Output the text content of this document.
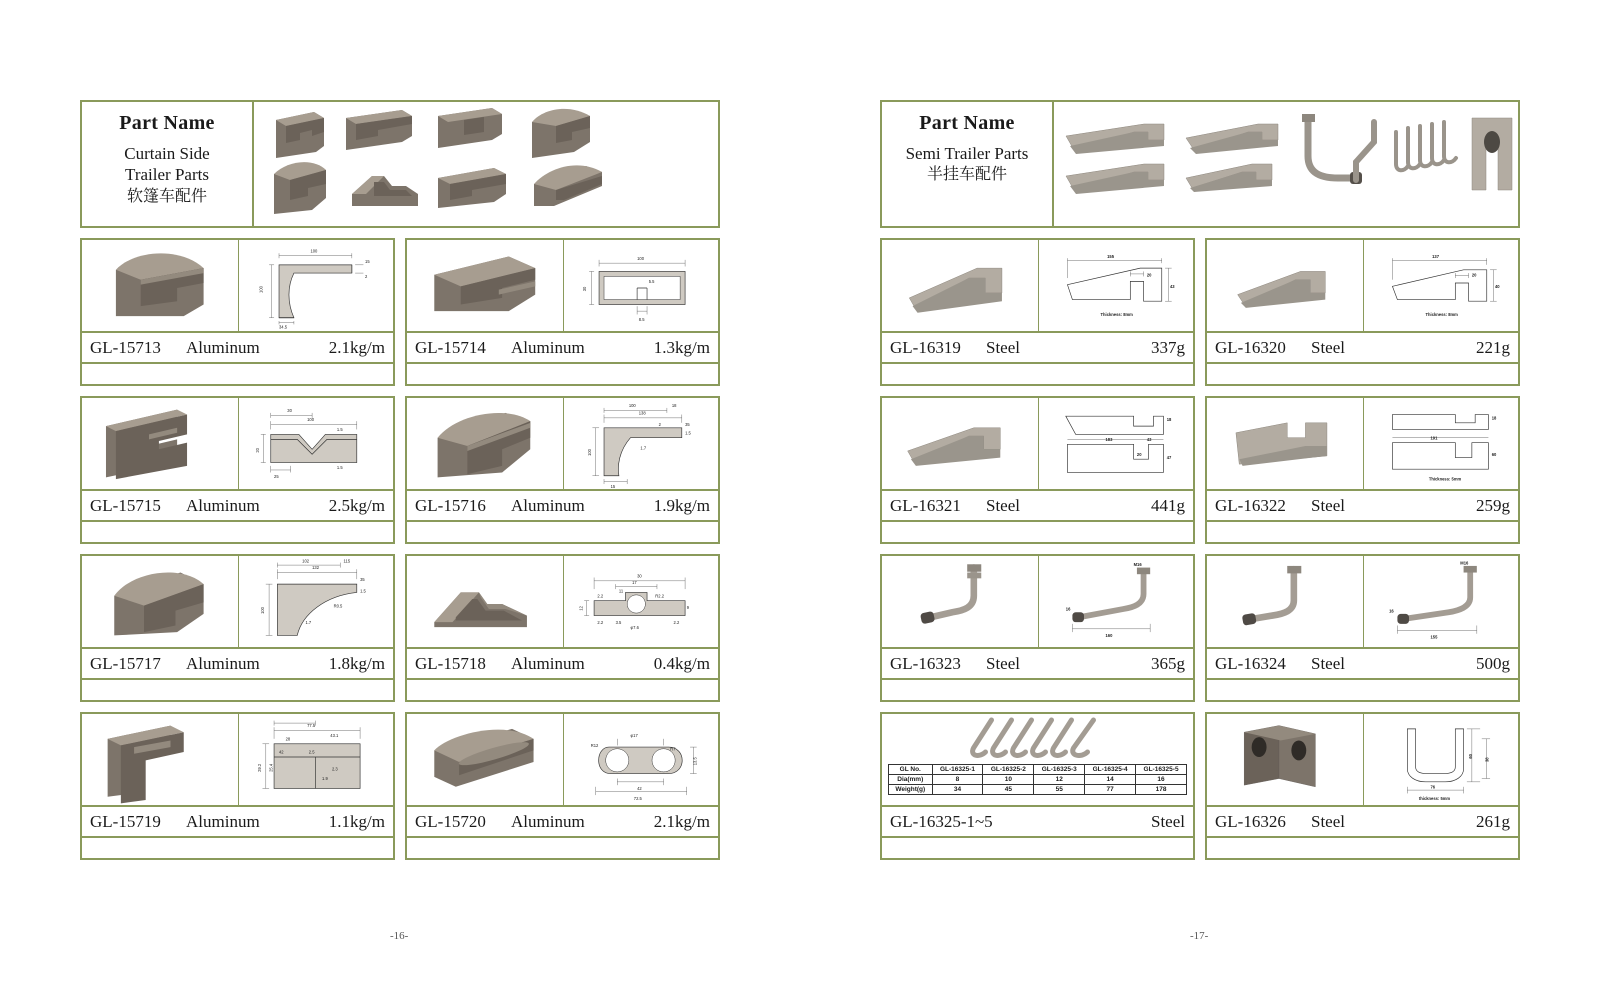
Part Name
Curtain Side
Trailer Parts
软篷车配件
100
100
15
2
34.5
GL-15713	Aluminum	2.1kg/m
100
30
5.5
8.5
GL-15714	Aluminum	1.3kg/m
100
30
20
25
1.5
1.5
GL-15715	Aluminum	2.5kg/m
138
100	18
100
2
1.7
1.5
35
15
GL-15716	Aluminum	1.9kg/m
132
102	115
100
35
1.5
R0.5
1.7
GL-15717	Aluminum	1.8kg/m
30
17
11
12
2.2
2.2 3.5
φ7.6
R2.2
9
2.2
GL-15718	Aluminum	0.4kg/m
77.5
28
43.1
29.2 25.4
42	2.5
2.3
1.9
GL-15719	Aluminum	1.1kg/m
φ17
R12
R7
42
72.5
13.5
GL-15720	Aluminum	2.1kg/m
Part Name
Semi Trailer Parts
半挂车配件
155
20
43
Thickness: 8mm
GL-16319	Steel	337g
137
20
40
Thickness: 8mm
GL-16320	Steel	221g
18
43
183
20
47
GL-16321	Steel	441g
18
191
60
Thickness: 5mm
GL-16322	Steel	259g
M16
160
16
GL-16323	Steel	365g
M16
155
16
GL-16324	Steel	500g
GL No.	GL-16325-1	GL-16325-2	GL-16325-3	GL-16325-4	GL-16325-5
Dia(mm)	8	10	12	14	16
Weight(g)	34	45	55	77	178
GL-16325-1~5	Steel
76
60
38
thickness: 5mm
GL-16326	Steel	261g
-16-	-17-
